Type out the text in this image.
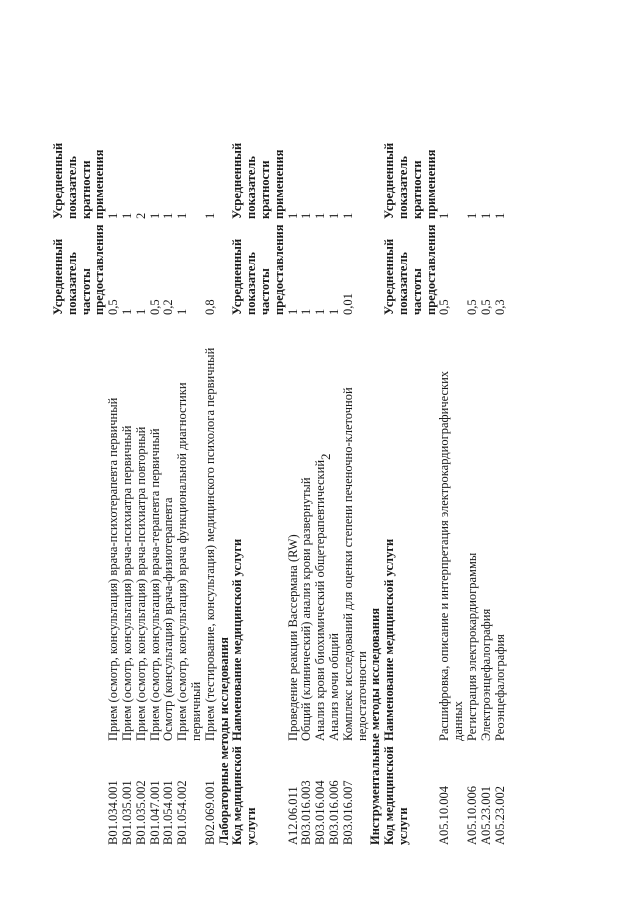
2
		Усредненный показатель частоты предоставления	Усредненный показатель кратности применения
B01.034.001	Прием (осмотр, консультация) врача-психотерапевта первичный	0,5	1
B01.035.001	Прием (осмотр, консультация) врача-психиатра первичный	1	1
B01.035.002	Прием (осмотр, консультация) врача-психиатра повторный	1	2
B01.047.001	Прием (осмотр, консультация) врача-терапевта первичный	0,5	1
B01.054.001	Осмотр (консультация) врача-физиотерапевта	0,2	1
B01.054.002	Прием (осмотр, консультация) врача функциональной диагностики первичный	1	1
B02.069.001	Прием (тестирование, консультация) медицинского психолога первичный	0,8	1
Лабораторные методы исследования			
Код медицинской услуги	Наименование медицинской услуги	Усредненный показатель частоты предоставления	Усредненный показатель кратности применения
A12.06.011	Проведение реакции Вассермана (RW)	1	1
B03.016.003	Общий (клинический) анализ крови развернутый	1	1
B03.016.004	Анализ крови биохимический общетерапевтический	1	1
B03.016.006	Анализ мочи общий	1	1
B03.016.007	Комплекс исследований для оценки степени печеночно-клеточной недостаточности	0,01	1
Инструментальные методы исследования			
Код медицинской услуги	Наименование медицинской услуги	Усредненный показатель частоты предоставления	Усредненный показатель кратности применения
A05.10.004	Расшифровка, описание и интерпретация электрокардиографических данных	0,5	1
A05.10.006	Регистрация электрокардиограммы	0,5	1
A05.23.001	Электроэнцефалография	0,5	1
A05.23.002	Реоэнцефалография	0,3	1
